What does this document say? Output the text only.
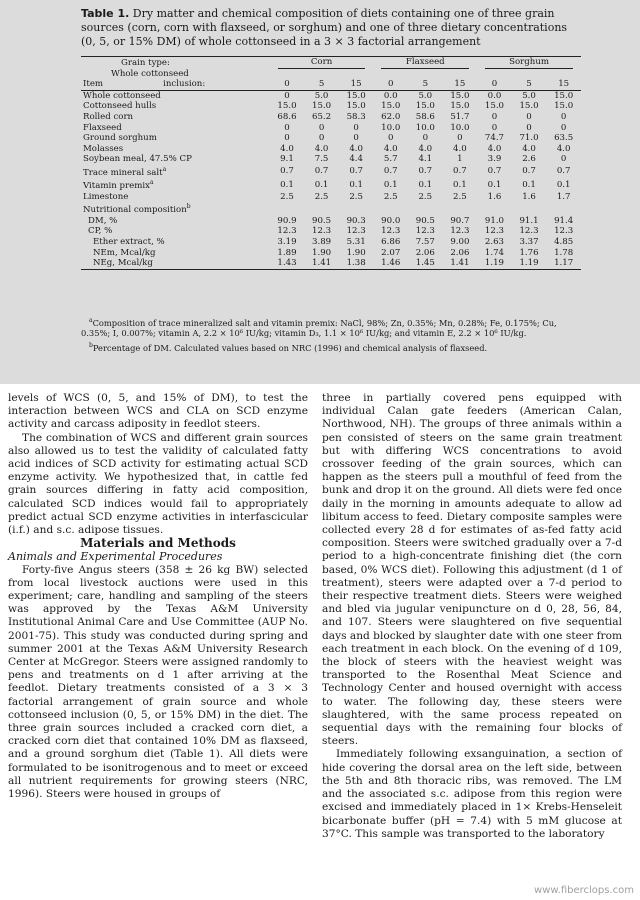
Table 1. Dry matter and chemical composition of diets containing one of three grain sources (corn, corn with flaxseed, or sorghum) and one of three dietary concentrations (0, 5, or 15% DM) of whole cottonseed in a 3 × 3 factorial arrangement
Grain type:	Corn			Flaxseed			Sorghum		
Whole cottonseed									
Item inclusion:	0	5	15	0	5	15	0	5	15
Whole cottonseed	0	5.0	15.0	0.0	5.0	15.0	0.0	5.0	15.0
Cottonseed hulls	15.0	15.0	15.0	15.0	15.0	15.0	15.0	15.0	15.0
Rolled corn	68.6	65.2	58.3	62.0	58.6	51.7	0	0	0
Flaxseed	0	0	0	10.0	10.0	10.0	0	0	0
Ground sorghum	0	0	0	0	0	0	74.7	71.0	63.5
Molasses	4.0	4.0	4.0	4.0	4.0	4.0	4.0	4.0	4.0
Soybean meal, 47.5% CP	9.1	7.5	4.4	5.7	4.1	1	3.9	2.6	0
Trace mineral salt$^a$	0.7	0.7	0.7	0.7	0.7	0.7	0.7	0.7	0.7
Vitamin premix$^a$	0.1	0.1	0.1	0.1	0.1	0.1	0.1	0.1	0.1
Limestone	2.5	2.5	2.5	2.5	2.5	2.5	1.6	1.6	1.7
Nutritional composition$^b$	
DM, %	90.9	90.5	90.3	90.0	90.5	90.7	91.0	91.1	91.4
CP, %	12.3	12.3	12.3	12.3	12.3	12.3	12.3	12.3	12.3
Ether extract, %	3.19	3.89	5.31	6.86	7.57	9.00	2.63	3.37	4.85
NEm, Mcal/kg	1.89	1.90	1.90	2.07	2.06	2.06	1.74	1.76	1.78
NEg, Mcal/kg	1.43	1.41	1.38	1.46	1.45	1.41	1.19	1.19	1.17

$^a$Composition of trace mineralized salt and vitamin premix: NaCl, 98%; Zn, 0.35%; Mn, 0.28%; Fe, 0.175%; Cu, 0.35%; I, 0.007%; vitamin A, 2.2 × 10⁶ IU/kg; vitamin D₃, 1.1 × 10⁶ IU/kg; and vitamin E, 2.2 × 10⁶ IU/kg.

$^b$Percentage of DM. Calculated values based on NRC (1996) and chemical analysis of flaxseed.

levels of WCS (0, 5, and 15% of DM), to test the interaction between WCS and CLA on SCD enzyme activity and carcass adiposity in feedlot steers.

The combination of WCS and different grain sources also allowed us to test the validity of calculated fatty acid indices of SCD activity for estimating actual SCD enzyme activity. We hypothesized that, in cattle fed grain sources differing in fatty acid composition, calculated SCD indices would fail to appropriately predict actual SCD enzyme activities in interfascicular (i.f.) and s.c. adipose tissues.

Materials and Methods

Animals and Experimental Procedures

Forty-five Angus steers (358 ± 26 kg BW) selected from local livestock auctions were used in this experiment; care, handling and sampling of the steers was approved by the Texas A&M University Institutional Animal Care and Use Committee (AUP No. 2001-75). This study was conducted during spring and summer 2001 at the Texas A&M University Research Center at McGregor. Steers were assigned randomly to pens and treatments on d 1 after arriving at the feedlot. Dietary treatments consisted of a 3 × 3 factorial arrangement of grain source and whole cottonseed inclusion (0, 5, or 15% DM) in the diet. The three grain sources included a cracked corn diet, a cracked corn diet that contained 10% DM as flaxseed, and a ground sorghum diet (Table 1). All diets were formulated to be isonitrogenous and to meet or exceed all nutrient requirements for growing steers (NRC, 1996). Steers were housed in groups of

three in partially covered pens equipped with individual Calan gate feeders (American Calan, Northwood, NH). The groups of three animals within a pen consisted of steers on the same grain treatment but with differing WCS concentrations to avoid crossover feeding of the grain sources, which can happen as the steers pull a mouthful of feed from the bunk and drop it on the ground. All diets were fed once daily in the morning in amounts adequate to allow ad libitum access to feed. Dietary composite samples were collected every 28 d for estimates of as-fed fatty acid composition. Steers were switched gradually over a 7-d period to a high-concentrate finishing diet (the corn based, 0% WCS diet). Following this adjustment (d 1 of treatment), steers were adapted over a 7-d period to their respective treatment diets. Steers were weighed and bled via jugular venipuncture on d 0, 28, 56, 84, and 107. Steers were slaughtered on five sequential days and blocked by slaughter date with one steer from each treatment in each block. On the evening of d 109, the block of steers with the heaviest weight was transported to the Rosenthal Meat Science and Technology Center and housed overnight with access to water. The following day, these steers were slaughtered, with the same process repeated on sequential days with the remaining four blocks of steers.

Immediately following exsanguination, a section of hide covering the dorsal area on the left side, between the 5th and 8th thoracic ribs, was removed. The LM and the associated s.c. adipose from this region were excised and immediately placed in 1× Krebs-Henseleit bicarbonate buffer (pH = 7.4) with 5 mM glucose at 37°C. This sample was transported to the laboratory

www.fiberclops.com
